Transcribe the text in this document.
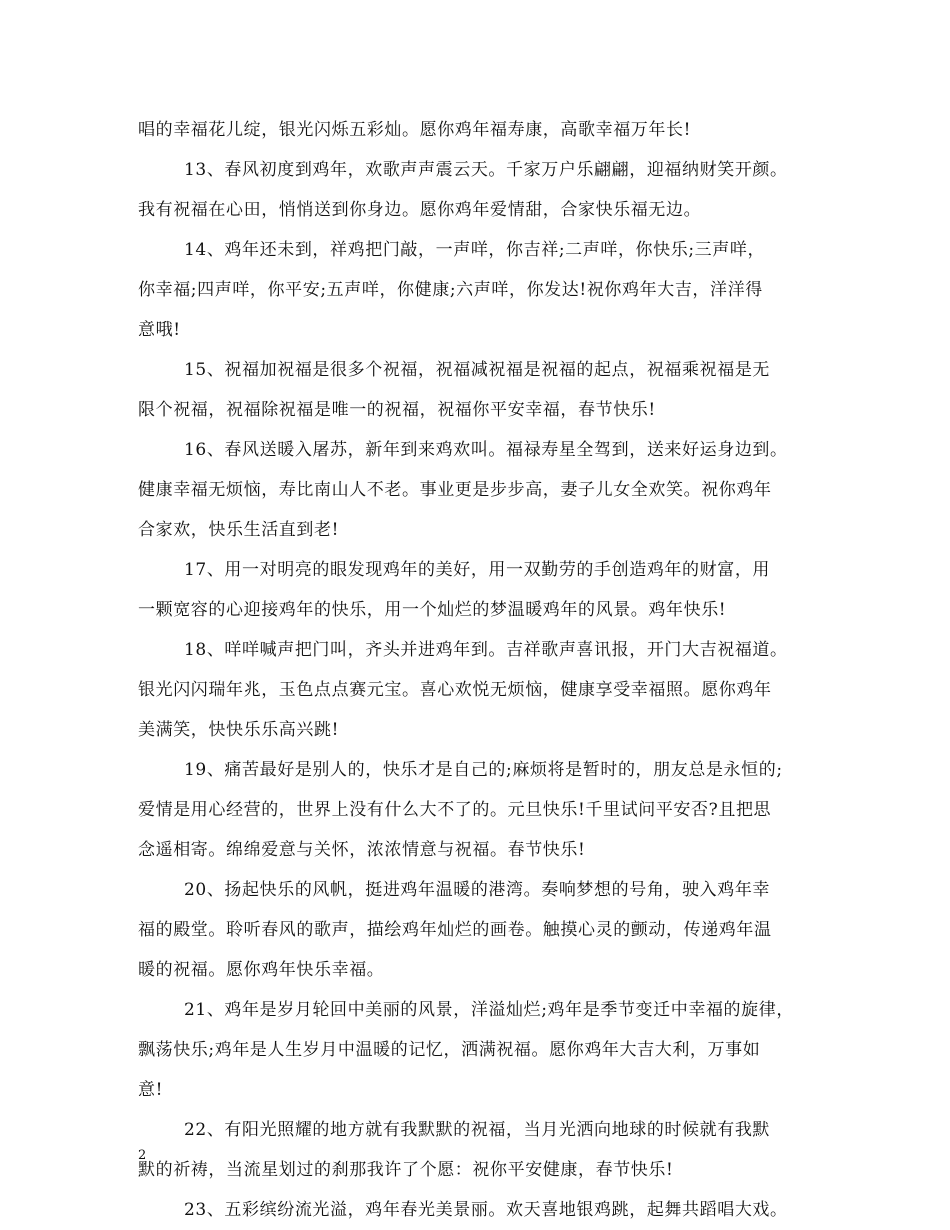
唱的幸福花儿绽，银光闪烁五彩灿。愿你鸡年福寿康，高歌幸福万年长!
13、春风初度到鸡年，欢歌声声震云天。千家万户乐翩翩，迎福纳财笑开颜。
我有祝福在心田，悄悄送到你身边。愿你鸡年爱情甜，合家快乐福无边。
14、鸡年还未到，祥鸡把门敲，一声咩，你吉祥;二声咩，你快乐;三声咩，
你幸福;四声咩，你平安;五声咩，你健康;六声咩，你发达!祝你鸡年大吉，洋洋得
意哦!
15、祝福加祝福是很多个祝福，祝福减祝福是祝福的起点，祝福乘祝福是无
限个祝福，祝福除祝福是唯一的祝福，祝福你平安幸福，春节快乐!
16、春风送暖入屠苏，新年到来鸡欢叫。福禄寿星全驾到，送来好运身边到。
健康幸福无烦恼，寿比南山人不老。事业更是步步高，妻子儿女全欢笑。祝你鸡年
合家欢，快乐生活直到老!
17、用一对明亮的眼发现鸡年的美好，用一双勤劳的手创造鸡年的财富，用
一颗宽容的心迎接鸡年的快乐，用一个灿烂的梦温暖鸡年的风景。鸡年快乐!
18、咩咩喊声把门叫，齐头并进鸡年到。吉祥歌声喜讯报，开门大吉祝福道。
银光闪闪瑞年兆，玉色点点赛元宝。喜心欢悦无烦恼，健康享受幸福照。愿你鸡年
美满笑，快快乐乐高兴跳!
19、痛苦最好是别人的，快乐才是自己的;麻烦将是暂时的，朋友总是永恒的;
爱情是用心经营的，世界上没有什么大不了的。元旦快乐!千里试问平安否?且把思
念遥相寄。绵绵爱意与关怀，浓浓情意与祝福。春节快乐!
20、扬起快乐的风帆，挺进鸡年温暖的港湾。奏响梦想的号角，驶入鸡年幸
福的殿堂。聆听春风的歌声，描绘鸡年灿烂的画卷。触摸心灵的颤动，传递鸡年温
暖的祝福。愿你鸡年快乐幸福。
21、鸡年是岁月轮回中美丽的风景，洋溢灿烂;鸡年是季节变迁中幸福的旋律，
飘荡快乐;鸡年是人生岁月中温暖的记忆，洒满祝福。愿你鸡年大吉大利，万事如
意!
22、有阳光照耀的地方就有我默默的祝福，当月光洒向地球的时候就有我默
默的祈祷，当流星划过的刹那我许了个愿：祝你平安健康，春节快乐!
23、五彩缤纷流光溢，鸡年春光美景丽。欢天喜地银鸡跳，起舞共蹈唱大戏。
2
